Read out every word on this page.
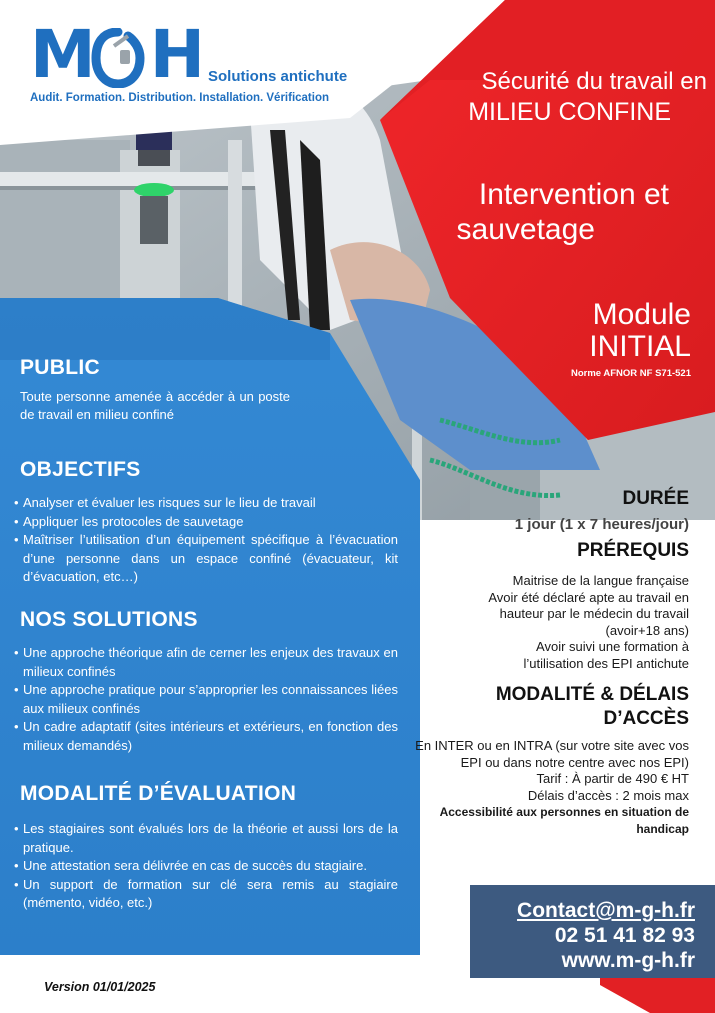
M H Solutions antichute
Audit. Formation. Distribution. Installation. Vérification
Sécurité du travail en
MILIEU CONFINE
Intervention et
sauvetage
Module
INITIAL
Norme AFNOR NF S71-521
PUBLIC
Toute personne amenée à accéder à un poste de travail en milieu confiné
OBJECTIFS
• Analyser et évaluer les risques sur le lieu de travail
• Appliquer les protocoles de sauvetage
• Maîtriser l’utilisation d’un équipement spécifique à l’évacuation d’une personne dans un espace confiné (évacuateur, kit d’évacuation, etc…)
NOS SOLUTIONS
• Une approche théorique afin de cerner les enjeux des travaux en milieux confinés
• Une approche pratique pour s’approprier les connaissances liées aux milieux confinés
• Un cadre adaptatif (sites intérieurs et extérieurs, en fonction des milieux demandés)
MODALITÉ D’ÉVALUATION
• Les stagiaires sont évalués lors de la théorie et aussi lors de la pratique.
• Une attestation sera délivrée en cas de succès du stagiaire.
• Un support de formation sur clé sera remis au stagiaire (mémento, vidéo, etc.)
DURÉE
1 jour (1 x 7 heures/jour)
PRÉREQUIS
Maitrise de la langue française
Avoir été déclaré apte au travail en hauteur par le médecin du travail (avoir+18 ans)
Avoir suivi une formation à l’utilisation des EPI antichute
MODALITÉ & DÉLAIS
D’ACCÈS
En INTER ou en INTRA (sur votre site avec vos EPI ou dans notre centre avec nos EPI)
Tarif : À partir de 490 € HT
Délais d’accès : 2 mois max
Accessibilité aux personnes en situation de handicap
Contact@m-g-h.fr
02 51 41 82 93
www.m-g-h.fr
Version 01/01/2025
